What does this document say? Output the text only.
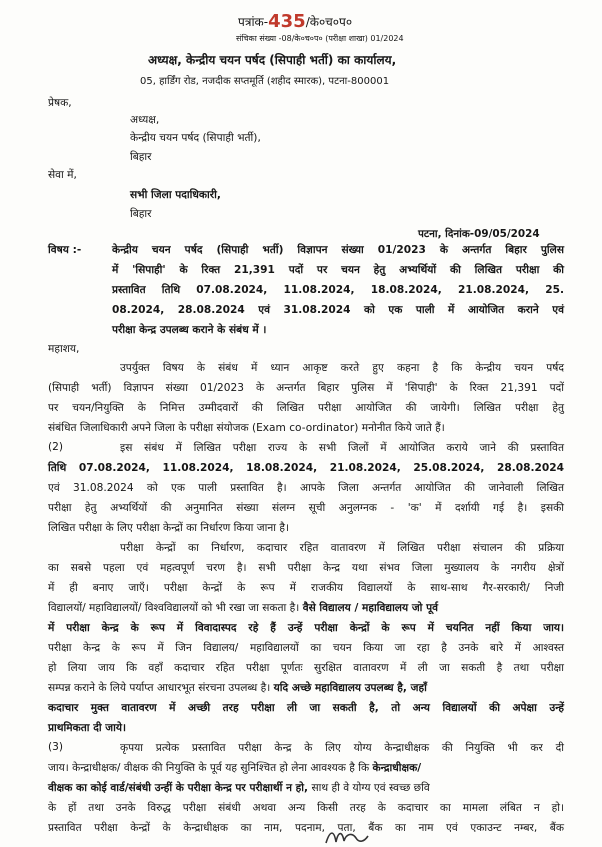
पत्रांक-435/के०च०प०
संचिका संख्या -08/के०च०प० (परीक्षा शाखा) 01/2024
अध्यक्ष, केन्द्रीय चयन पर्षद (सिपाही भर्ती) का कार्यालय,
05, हार्डिंग रोड, नजदीक सप्तमूर्ति (शहीद स्मारक), पटना-800001
प्रेषक,
अध्यक्ष,
केन्द्रीय चयन पर्षद (सिपाही भर्ती),
बिहार
सेवा में,
सभी जिला पदाधिकारी,
बिहार
पटना, दिनांक-09/05/2024
विषय :-	केन्द्रीय चयन पर्षद (सिपाही भर्ती) विज्ञापन संख्या 01/2023 के अन्तर्गत बिहार पुलिस
में 'सिपाही' के रिक्त 21,391 पदों पर चयन हेतु अभ्यर्थियों की लिखित परीक्षा की
प्रस्तावित तिथि 07.08.2024, 11.08.2024, 18.08.2024, 21.08.2024, 25.
08.2024, 28.08.2024 एवं 31.08.2024 को एक पाली में आयोजित कराने एवं
परीक्षा केन्द्र उपलब्ध कराने के संबंध में ।
महाशय,
उपर्युक्त विषय के संबंध में ध्यान आकृष्ट करते हुए कहना है कि केन्द्रीय चयन पर्षद
(सिपाही भर्ती) विज्ञापन संख्या 01/2023 के अन्तर्गत बिहार पुलिस में 'सिपाही' के रिक्त 21,391 पदों
पर चयन/नियुक्ति के निमित्त उम्मीदवारों की लिखित परीक्षा आयोजित की जायेगी। लिखित परीक्षा हेतु
संबंधित जिलाधिकारी अपने जिला के परीक्षा संयोजक (Exam co-ordinator) मनोनीत किये जाते हैं।
(2)	इस संबंध में लिखित परीक्षा राज्य के सभी जिलों में आयोजित कराये जाने की प्रस्तावित
तिथि 07.08.2024, 11.08.2024, 18.08.2024, 21.08.2024, 25.08.2024, 28.08.2024
एवं 31.08.2024 को एक पाली प्रस्तावित है। आपके जिला अन्तर्गत आयोजित की जानेवाली लिखित
परीक्षा हेतु अभ्यर्थियों की अनुमानित संख्या संलग्न सूची अनुलग्नक - 'क' में दर्शायी गई है। इसकी
लिखित परीक्षा के लिए परीक्षा केन्द्रों का निर्धारण किया जाना है।
परीक्षा केन्द्रों का निर्धारण, कदाचार रहित वातावरण में लिखित परीक्षा संचालन की प्रक्रिया
का सबसे पहला एवं महत्वपूर्ण चरण है। सभी परीक्षा केन्द्र यथा संभव जिला मुख्यालय के नगरीय क्षेत्रों
में ही बनाए जाएँ। परीक्षा केन्द्रों के रूप में राजकीय विद्यालयों के साथ-साथ गैर-सरकारी/ निजी
विद्यालयों/ महाविद्यालयों/ विश्वविद्यालयों को भी रखा जा सकता है। वैसे विद्यालय / महाविद्यालय जो पूर्व
में परीक्षा केन्द्र के रूप में विवादास्पद रहे हैं उन्हें परीक्षा केन्द्रों के रूप में चयनित नहीं किया जाय।
परीक्षा केन्द्र के रूप में जिन विद्यालय/ महाविद्यालयों का चयन किया जा रहा है उनके बारे में आश्वस्त
हो लिया जाय कि वहाँ कदाचार रहित परीक्षा पूर्णतः सुरक्षित वातावरण में ली जा सकती है तथा परीक्षा
सम्पन्न कराने के लिये पर्याप्त आधारभूत संरचना उपलब्ध है। यदि अच्छे महाविद्यालय उपलब्ध है, जहाँ
कदाचार मुक्त वातावरण में अच्छी तरह परीक्षा ली जा सकती है, तो अन्य विद्यालयों की अपेक्षा उन्हें
प्राथमिकता दी जाये।
(3)	कृपया प्रत्येक प्रस्तावित परीक्षा केन्द्र के लिए योग्य केन्द्राधीक्षक की नियुक्ति भी कर दी
जाय। केन्द्राधीक्षक/ वीक्षक की नियुक्ति के पूर्व यह सुनिश्चित हो लेना आवश्यक है कि केन्द्राधीक्षक/
वीक्षक का कोई वार्ड/संबंधी उन्हीं के परीक्षा केन्द्र पर परीक्षार्थी न हो, साथ ही वे योग्य एवं स्वच्छ छवि
के हों तथा उनके विरुद्ध परीक्षा संबंधी अथवा अन्य किसी तरह के कदाचार का मामला लंबित न हो।
प्रस्तावित परीक्षा केन्द्रों के केन्द्राधीक्षक का नाम, पदनाम, पता, बैंक का नाम एवं एकाउन्ट नम्बर, बैंक
